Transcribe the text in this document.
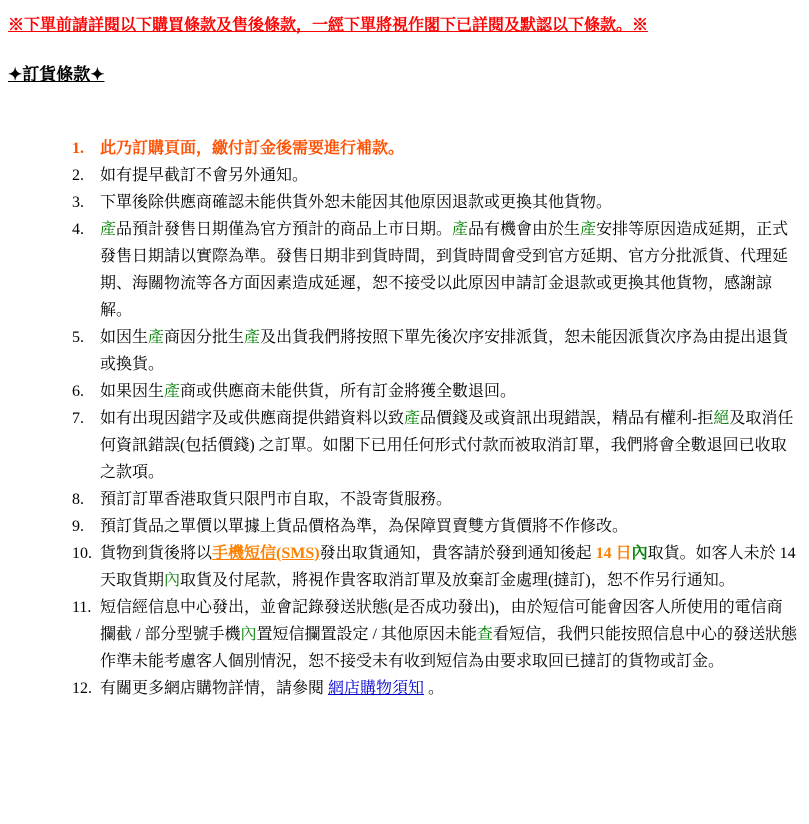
※下單前請詳閱以下購買條款及售後條款，一經下單將視作閣下已詳閱及默認以下條款。※
✦訂貨條款✦
1.	此乃訂購頁面，繳付訂金後需要進行補款。
2.	如有提早截訂不會另外通知。
3.	下單後除供應商確認未能供貨外恕未能因其他原因退款或更換其他貨物。
4.	產品預計發售日期僅為官方預計的商品上市日期。產品有機會由於生產安排等原因造成延期，正式發售日期請以實際為準。發售日期非到貨時間，到貨時間會受到官方延期、官方分批派貨、代理延期、海關物流等各方面因素造成延遲，恕不接受以此原因申請訂金退款或更換其他貨物，感謝諒解。
5.	如因生產商因分批生產及出貨我們將按照下單先後次序安排派貨，恕未能因派貨次序為由提出退貨或換貨。
6.	如果因生產商或供應商未能供貨，所有訂金將獲全數退回。
7.	如有出現因錯字及或供應商提供錯資料以致產品價錢及或資訊出現錯誤，精品有權利-拒絕及取消任何資訊錯誤(包括價錢) 之訂單。如閣下已用任何形式付款而被取消訂單，我們將會全數退回已收取之款項。
8.	預訂訂單香港取貨只限門市自取，不設寄貨服務。
9.	預訂貨品之單價以單據上貨品價格為準，為保障買賣雙方貨價將不作修改。
10. 貨物到貨後將以手機短信(SMS)發出取貨通知，貴客請於發到通知後起 14 日內取貨。如客人未於 14 天取貨期內取貨及付尾款，將視作貴客取消訂單及放棄訂金處理(撻訂)，恕不作另行通知。
11. 短信經信息中心發出，並會記錄發送狀態(是否成功發出)，由於短信可能會因客人所使用的電信商攔截 / 部分型號手機內置短信攔置設定 / 其他原因未能查看短信，我們只能按照信息中心的發送狀態作準未能考慮客人個別情況，恕不接受未有收到短信為由要求取回已撻訂的貨物或訂金。
12. 有關更多網店購物詳情，請參閱 網店購物須知 。
